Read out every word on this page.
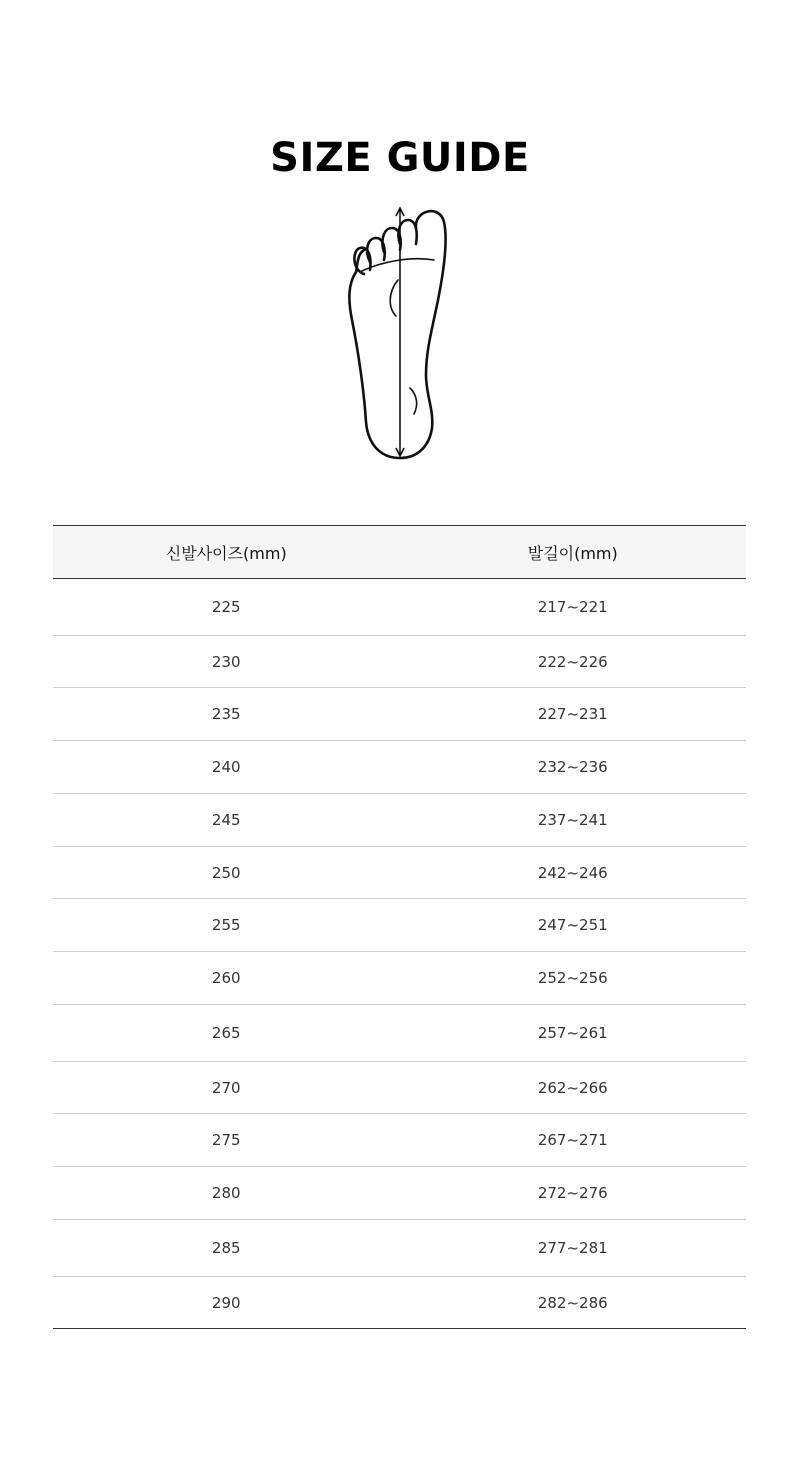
SIZE GUIDE
신발사이즈(mm)	발길이(mm)
225	217~221
230	222~226
235	227~231
240	232~236
245	237~241
250	242~246
255	247~251
260	252~256
265	257~261
270	262~266
275	267~271
280	272~276
285	277~281
290	282~286
